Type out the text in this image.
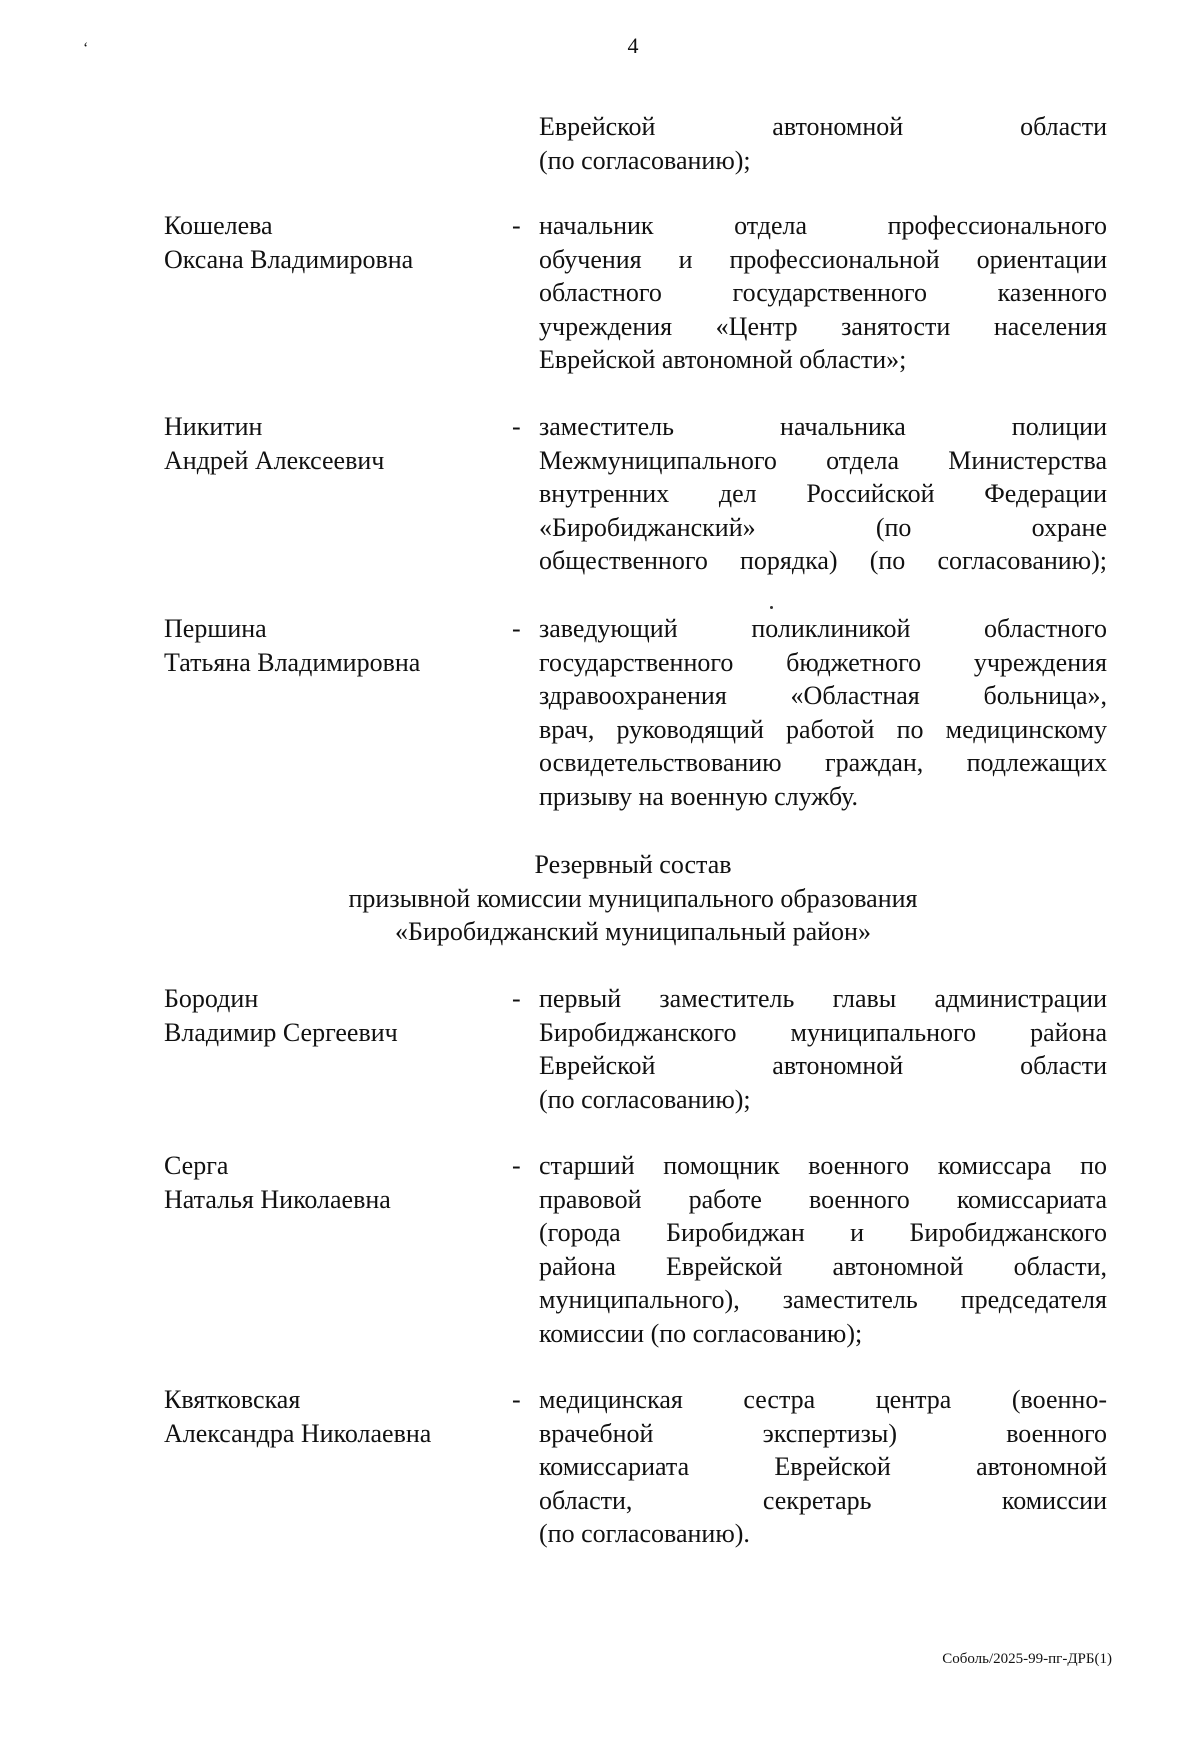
4
‘
Еврейской автономной области
(по согласованию);
Кошелева
Оксана Владимировна
- начальник отдела профессионального
обучения и профессиональной ориентации
областного государственного казенного
учреждения «Центр занятости населения
Еврейской автономной области»;
Никитин
Андрей Алексеевич
- заместитель начальника полиции
Межмуниципального отдела Министерства
внутренних дел Российской Федерации
«Биробиджанский» (по охране
общественного порядка) (по согласованию);
Першина
Татьяна Владимировна
- заведующий поликлиникой областного
государственного бюджетного учреждения
здравоохранения «Областная больница»,
врач, руководящий работой по медицинскому
освидетельствованию граждан, подлежащих
призыву на военную службу.
Резервный состав
призывной комиссии муниципального образования
«Биробиджанский муниципальный район»
Бородин
Владимир Сергеевич
- первый заместитель главы администрации
Биробиджанского муниципального района
Еврейской автономной области
(по согласованию);
Серга
Наталья Николаевна
- старший помощник военного комиссара по
правовой работе военного комиссариата
(города Биробиджан и Биробиджанского
района Еврейской автономной области,
муниципального), заместитель председателя
комиссии (по согласованию);
Квятковская
Александра Николаевна
- медицинская сестра центра (военно-
врачебной экспертизы) военного
комиссариата Еврейской автономной
области, секретарь комиссии
(по согласованию).
Соболь/2025-99-пг-ДРБ(1)
